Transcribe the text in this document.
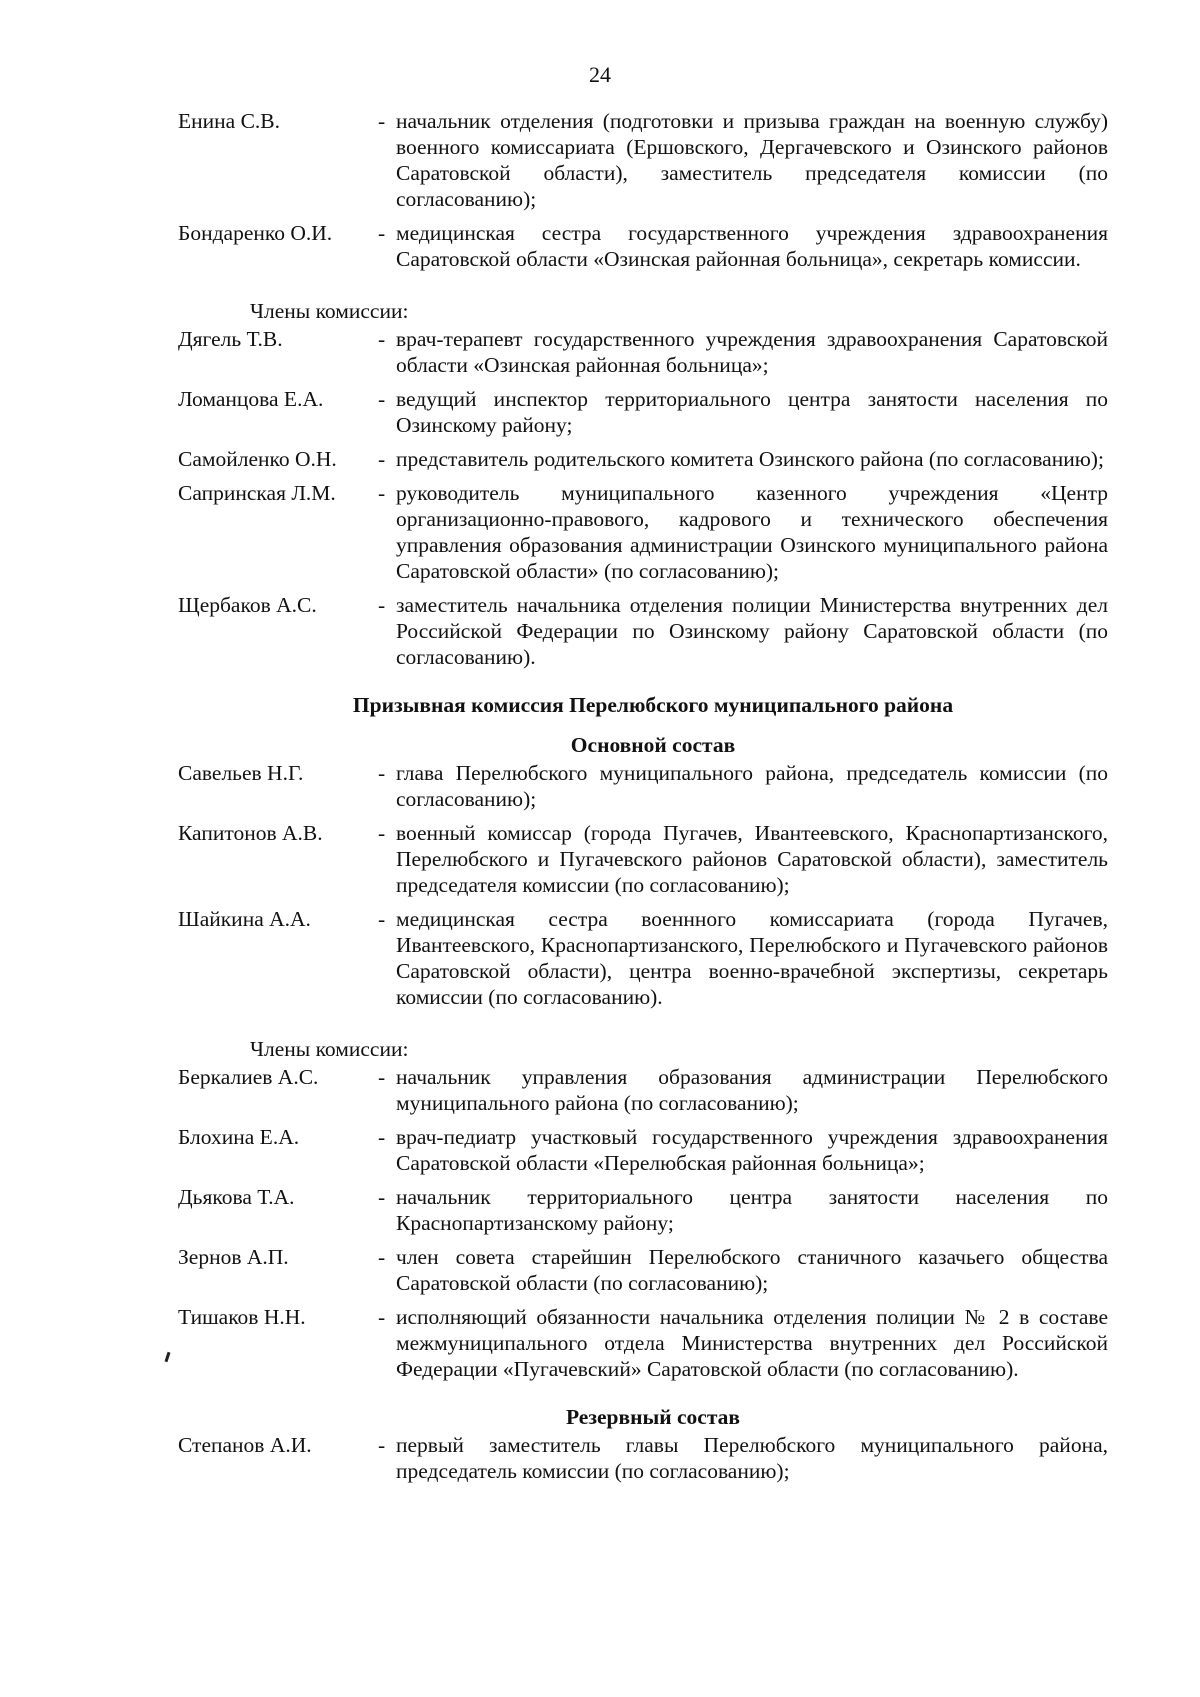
24
Енина С.В.	- начальник отделения (подготовки и призыва граждан на военную службу) военного комиссариата (Ершовского, Дергачевского и Озинского районов Саратовской области), заместитель председателя комиссии (по согласованию);
Бондаренко О.И.	- медицинская сестра государственного учреждения здравоохранения Саратовской области «Озинская районная больница», секретарь комиссии.
Члены комиссии:
Дягель Т.В.	- врач-терапевт государственного учреждения здравоохранения Саратовской области «Озинская районная больница»;
Ломанцова Е.А.	- ведущий инспектор территориального центра занятости населения по Озинскому району;
Самойленко О.Н.	- представитель родительского комитета Озинского района (по согласованию);
Сапринская Л.М.	- руководитель муниципального казенного учреждения «Центр организационно-правового, кадрового и технического обеспечения управления образования администрации Озинского муниципального района Саратовской области» (по согласованию);
Щербаков А.С.	- заместитель начальника отделения полиции Министерства внутренних дел Российской Федерации по Озинскому району Саратовской области (по согласованию).
Призывная комиссия Перелюбского муниципального района
Основной состав
Савельев Н.Г.	- глава Перелюбского муниципального района, председатель комиссии (по согласованию);
Капитонов А.В.	- военный комиссар (города Пугачев, Ивантеевского, Краснопартизанского, Перелюбского и Пугачевского районов Саратовской области), заместитель председателя комиссии (по согласованию);
Шайкина А.А.	- медицинская сестра военнного комиссариата (города Пугачев, Ивантеевского, Краснопартизанского, Перелюбского и Пугачевского районов Саратовской области), центра военно-врачебной экспертизы, секретарь комиссии (по согласованию).
Члены комиссии:
Беркалиев А.С.	- начальник управления образования администрации Перелюбского муниципального района (по согласованию);
Блохина Е.А.	- врач-педиатр участковый государственного учреждения здравоохранения Саратовской области «Перелюбская районная больница»;
Дьякова Т.А.	- начальник территориального центра занятости населения по Краснопартизанскому району;
Зернов А.П.	- член совета старейшин Перелюбского станичного казачьего общества Саратовской области (по согласованию);
Тишаков Н.Н.	- исполняющий обязанности начальника отделения полиции № 2 в составе межмуниципального отдела Министерства внутренних дел Российской Федерации «Пугачевский» Саратовской области (по согласованию).
Резервный состав
Степанов А.И.	- первый заместитель главы Перелюбского муниципального района, председатель комиссии (по согласованию);
